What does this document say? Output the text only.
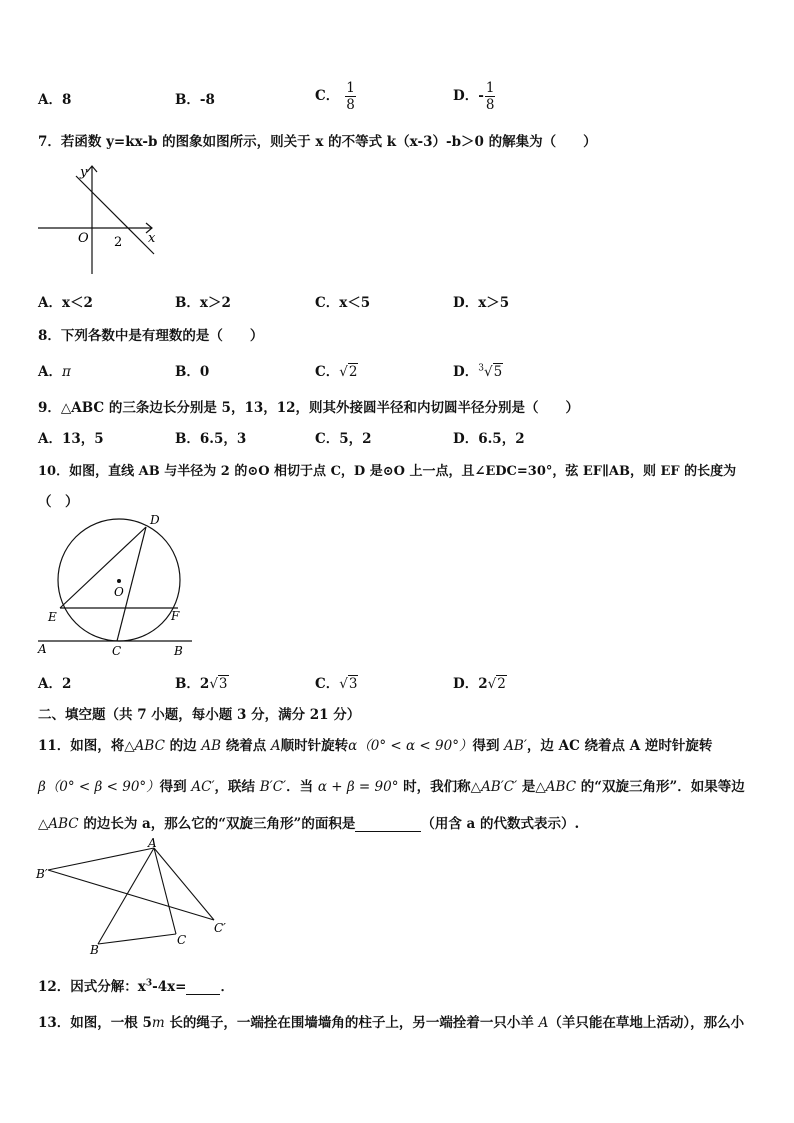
A．8	B．-8	C． $\frac{1}{8}$	D．- $\frac{1}{8}$
7．若函数 y=kx-b 的图象如图所示，则关于 x 的不等式 k（x-3）-b＞0 的解集为（　　）
y
x
O 2
A．x＜2	B．x＞2	C．x＜5	D．x＞5
8．下列各数中是有理数的是（　　）
A．π	B．0	C．√2	D．$^3$√5
9．△ABC 的三条边长分别是 5，13，12，则其外接圆半径和内切圆半径分别是（　　）
A．13，5	B．6.5，3	C．5，2	D．6.5，2
10．如图，直线 AB 与半径为 2 的⊙O 相切于点 C，D 是⊙O 上一点，且∠EDC=30°，弦 EF∥AB，则 EF 的长度为
（　）
D
O
E	F
A	C	B
A．2	B．2√3	C．√3	D．2√2
二、填空题（共 7 小题，每小题 3 分，满分 21 分）
11．如图，将△ABC 的边 AB 绕着点 A顺时针旋转α（0° < α < 90°）得到 AB′，边 AC 绕着点 A 逆时针旋转
β（0° < β < 90°）得到 AC′，联结 B′C′．当 α + β = 90° 时，我们称△AB′C′ 是△ABC 的“双旋三角形”．如果等边
△ABC 的边长为 a，那么它的“双旋三角形”的面积是	（用含 a 的代数式表示）.
A
B′
C′
B
C
12．因式分解：$x^3-4x=$	．
13．如图，一根 5m 长的绳子，一端拴在围墙墙角的柱子上，另一端拴着一只小羊 A（羊只能在草地上活动），那么小
